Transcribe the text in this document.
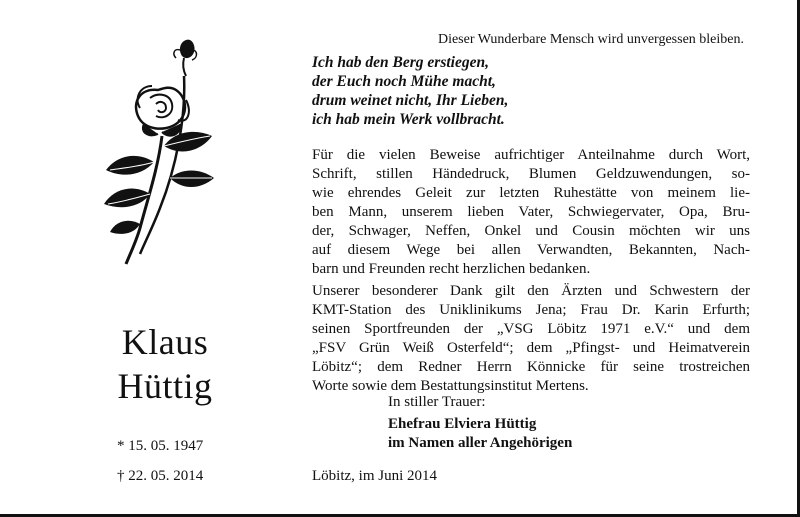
Klaus
Hüttig
* 15. 05. 1947
† 22. 05. 2014
Dieser Wunderbare Mensch wird unvergessen bleiben.
Ich hab den Berg erstiegen,
der Euch noch Mühe macht,
drum weinet nicht, Ihr Lieben,
ich hab mein Werk vollbracht.
Für die vielen Beweise aufrichtiger Anteilnahme durch Wort,
Schrift, stillen Händedruck, Blumen Geldzuwendungen, so-
wie ehrendes Geleit zur letzten Ruhestätte von meinem lie-
ben Mann, unserem lieben Vater, Schwiegervater, Opa, Bru-
der, Schwager, Neffen, Onkel und Cousin möchten wir uns
auf diesem Wege bei allen Verwandten, Bekannten, Nach-
barn und Freunden recht herzlichen bedanken.
Unserer besonderer Dank gilt den Ärzten und Schwestern der
KMT-Station des Uniklinikums Jena; Frau Dr. Karin Erfurth;
seinen Sportfreunden der „VSG Löbitz 1971 e.V.“ und dem
„FSV Grün Weiß Osterfeld“; dem „Pfingst- und Heimatverein
Löbitz“; dem Redner Herrn Könnicke für seine trostreichen
Worte sowie dem Bestattungsinstitut Mertens.
In stiller Trauer:
Ehefrau Elviera Hüttig
im Namen aller Angehörigen
Löbitz, im Juni 2014
